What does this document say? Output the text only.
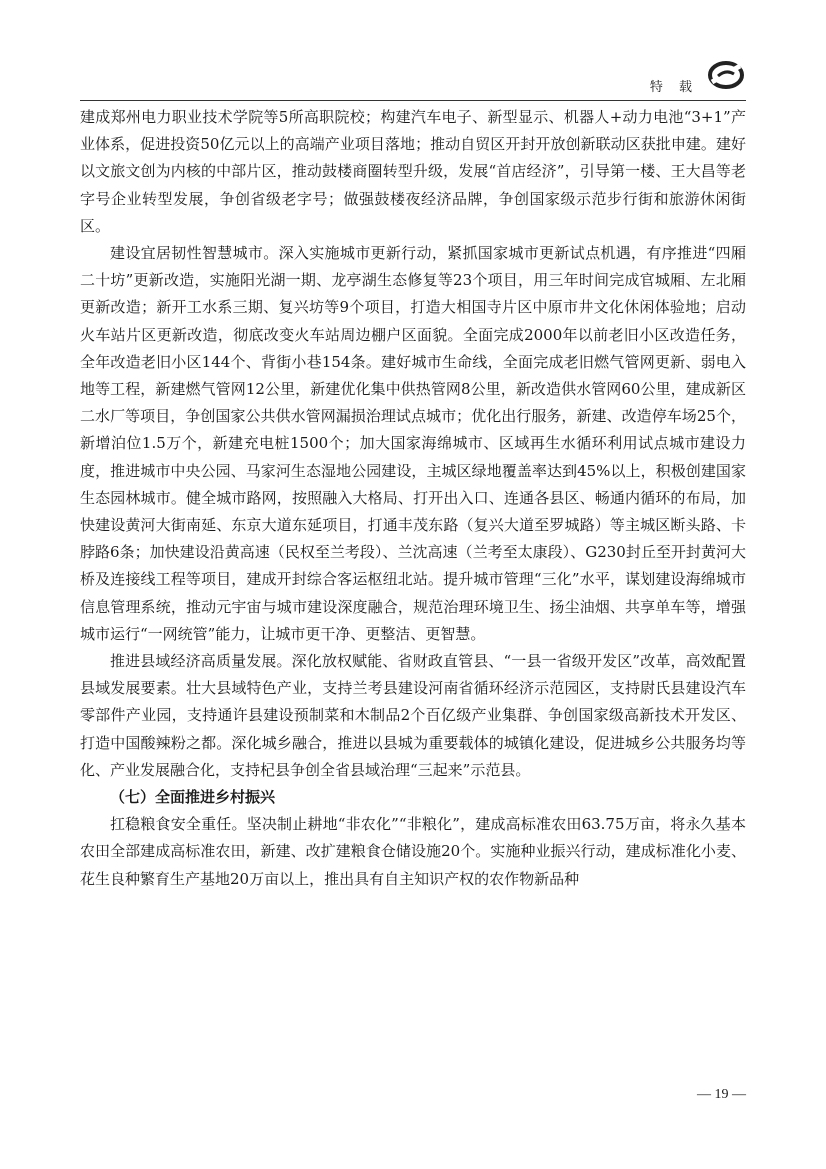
特 载

建成郑州电力职业技术学院等5所高职院校；构建汽车电子、新型显示、机器人+动力电池“3+1”产业体系，促进投资50亿元以上的高端产业项目落地；推动自贸区开封开放创新联动区获批申建。建好以文旅文创为内核的中部片区，推动鼓楼商圈转型升级，发展“首店经济”，引导第一楼、王大昌等老字号企业转型发展，争创省级老字号；做强鼓楼夜经济品牌，争创国家级示范步行街和旅游休闲街区。

建设宜居韧性智慧城市。深入实施城市更新行动，紧抓国家城市更新试点机遇，有序推进“四厢二十坊”更新改造，实施阳光湖一期、龙亭湖生态修复等23个项目，用三年时间完成官城厢、左北厢更新改造；新开工水系三期、复兴坊等9个项目，打造大相国寺片区中原市井文化休闲体验地；启动火车站片区更新改造，彻底改变火车站周边棚户区面貌。全面完成2000年以前老旧小区改造任务，全年改造老旧小区144个、背街小巷154条。建好城市生命线，全面完成老旧燃气管网更新、弱电入地等工程，新建燃气管网12公里，新建优化集中供热管网8公里，新改造供水管网60公里，建成新区二水厂等项目，争创国家公共供水管网漏损治理试点城市；优化出行服务，新建、改造停车场25个，新增泊位1.5万个，新建充电桩1500个；加大国家海绵城市、区域再生水循环利用试点城市建设力度，推进城市中央公园、马家河生态湿地公园建设，主城区绿地覆盖率达到45%以上，积极创建国家生态园林城市。健全城市路网，按照融入大格局、打开出入口、连通各县区、畅通内循环的布局，加快建设黄河大街南延、东京大道东延项目，打通丰茂东路（复兴大道至罗城路）等主城区断头路、卡脖路6条；加快建设沿黄高速（民权至兰考段）、兰沈高速（兰考至太康段）、G230封丘至开封黄河大桥及连接线工程等项目，建成开封综合客运枢纽北站。提升城市管理“三化”水平，谋划建设海绵城市信息管理系统，推动元宇宙与城市建设深度融合，规范治理环境卫生、扬尘油烟、共享单车等，增强城市运行“一网统管”能力，让城市更干净、更整洁、更智慧。

推进县域经济高质量发展。深化放权赋能、省财政直管县、“一县一省级开发区”改革，高效配置县域发展要素。壮大县域特色产业，支持兰考县建设河南省循环经济示范园区，支持尉氏县建设汽车零部件产业园，支持通许县建设预制菜和木制品2个百亿级产业集群、争创国家级高新技术开发区、打造中国酸辣粉之都。深化城乡融合，推进以县城为重要载体的城镇化建设，促进城乡公共服务均等化、产业发展融合化，支持杞县争创全省县域治理“三起来”示范县。

（七）全面推进乡村振兴

扛稳粮食安全重任。坚决制止耕地“非农化”“非粮化”，建成高标准农田63.75万亩，将永久基本农田全部建成高标准农田，新建、改扩建粮食仓储设施20个。实施种业振兴行动，建成标准化小麦、花生良种繁育生产基地20万亩以上，推出具有自主知识产权的农作物新品种

— 19 —
